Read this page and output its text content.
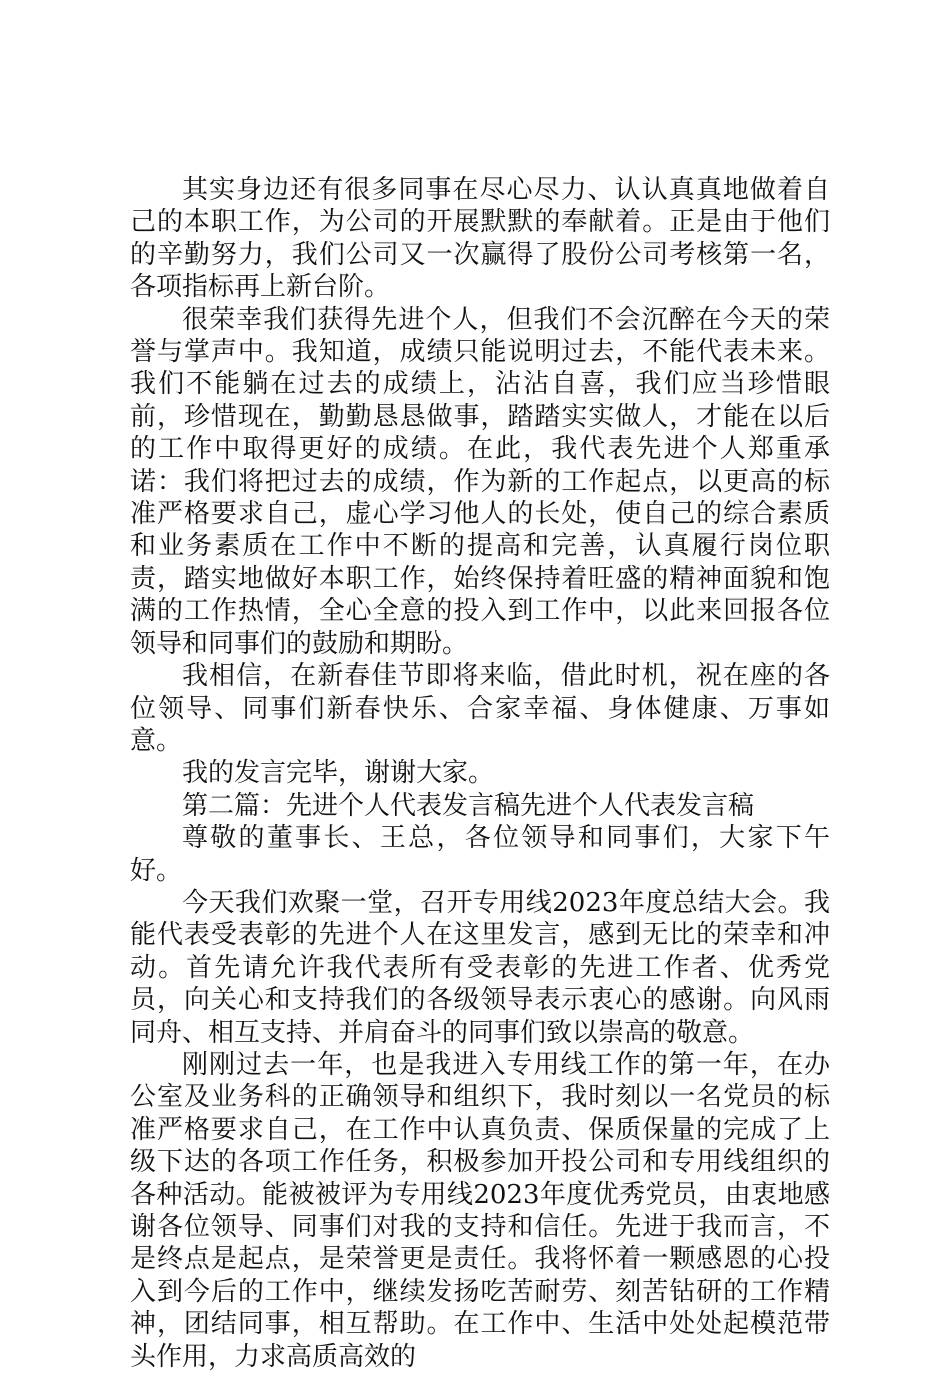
其实身边还有很多同事在尽心尽力、认认真真地做着自己的本职工作，为公司的开展默默的奉献着。正是由于他们的辛勤努力，我们公司又一次赢得了股份公司考核第一名，各项指标再上新台阶。

很荣幸我们获得先进个人，但我们不会沉醉在今天的荣誉与掌声中。我知道，成绩只能说明过去，不能代表未来。我们不能躺在过去的成绩上，沾沾自喜，我们应当珍惜眼前，珍惜现在，勤勤恳恳做事，踏踏实实做人，才能在以后的工作中取得更好的成绩。在此，我代表先进个人郑重承诺：我们将把过去的成绩，作为新的工作起点，以更高的标准严格要求自己，虚心学习他人的长处，使自己的综合素质和业务素质在工作中不断的提高和完善，认真履行岗位职责，踏实地做好本职工作，始终保持着旺盛的精神面貌和饱满的工作热情，全心全意的投入到工作中，以此来回报各位领导和同事们的鼓励和期盼。

我相信，在新春佳节即将来临，借此时机，祝在座的各位领导、同事们新春快乐、合家幸福、身体健康、万事如意。

我的发言完毕，谢谢大家。

第二篇：先进个人代表发言稿先进个人代表发言稿

尊敬的董事长、王总，各位领导和同事们，大家下午好。

今天我们欢聚一堂，召开专用线2023年度总结大会。我能代表受表彰的先进个人在这里发言，感到无比的荣幸和冲动。首先请允许我代表所有受表彰的先进工作者、优秀党员，向关心和支持我们的各级领导表示衷心的感谢。向风雨同舟、相互支持、并肩奋斗的同事们致以崇高的敬意。

刚刚过去一年，也是我进入专用线工作的第一年，在办公室及业务科的正确领导和组织下，我时刻以一名党员的标准严格要求自己，在工作中认真负责、保质保量的完成了上级下达的各项工作任务，积极参加开投公司和专用线组织的各种活动。能被被评为专用线2023年度优秀党员，由衷地感谢各位领导、同事们对我的支持和信任。先进于我而言，不是终点是起点，是荣誉更是责任。我将怀着一颗感恩的心投入到今后的工作中，继续发扬吃苦耐劳、刻苦钻研的工作精神，团结同事，相互帮助。在工作中、生活中处处起模范带头作用，力求高质高效的
